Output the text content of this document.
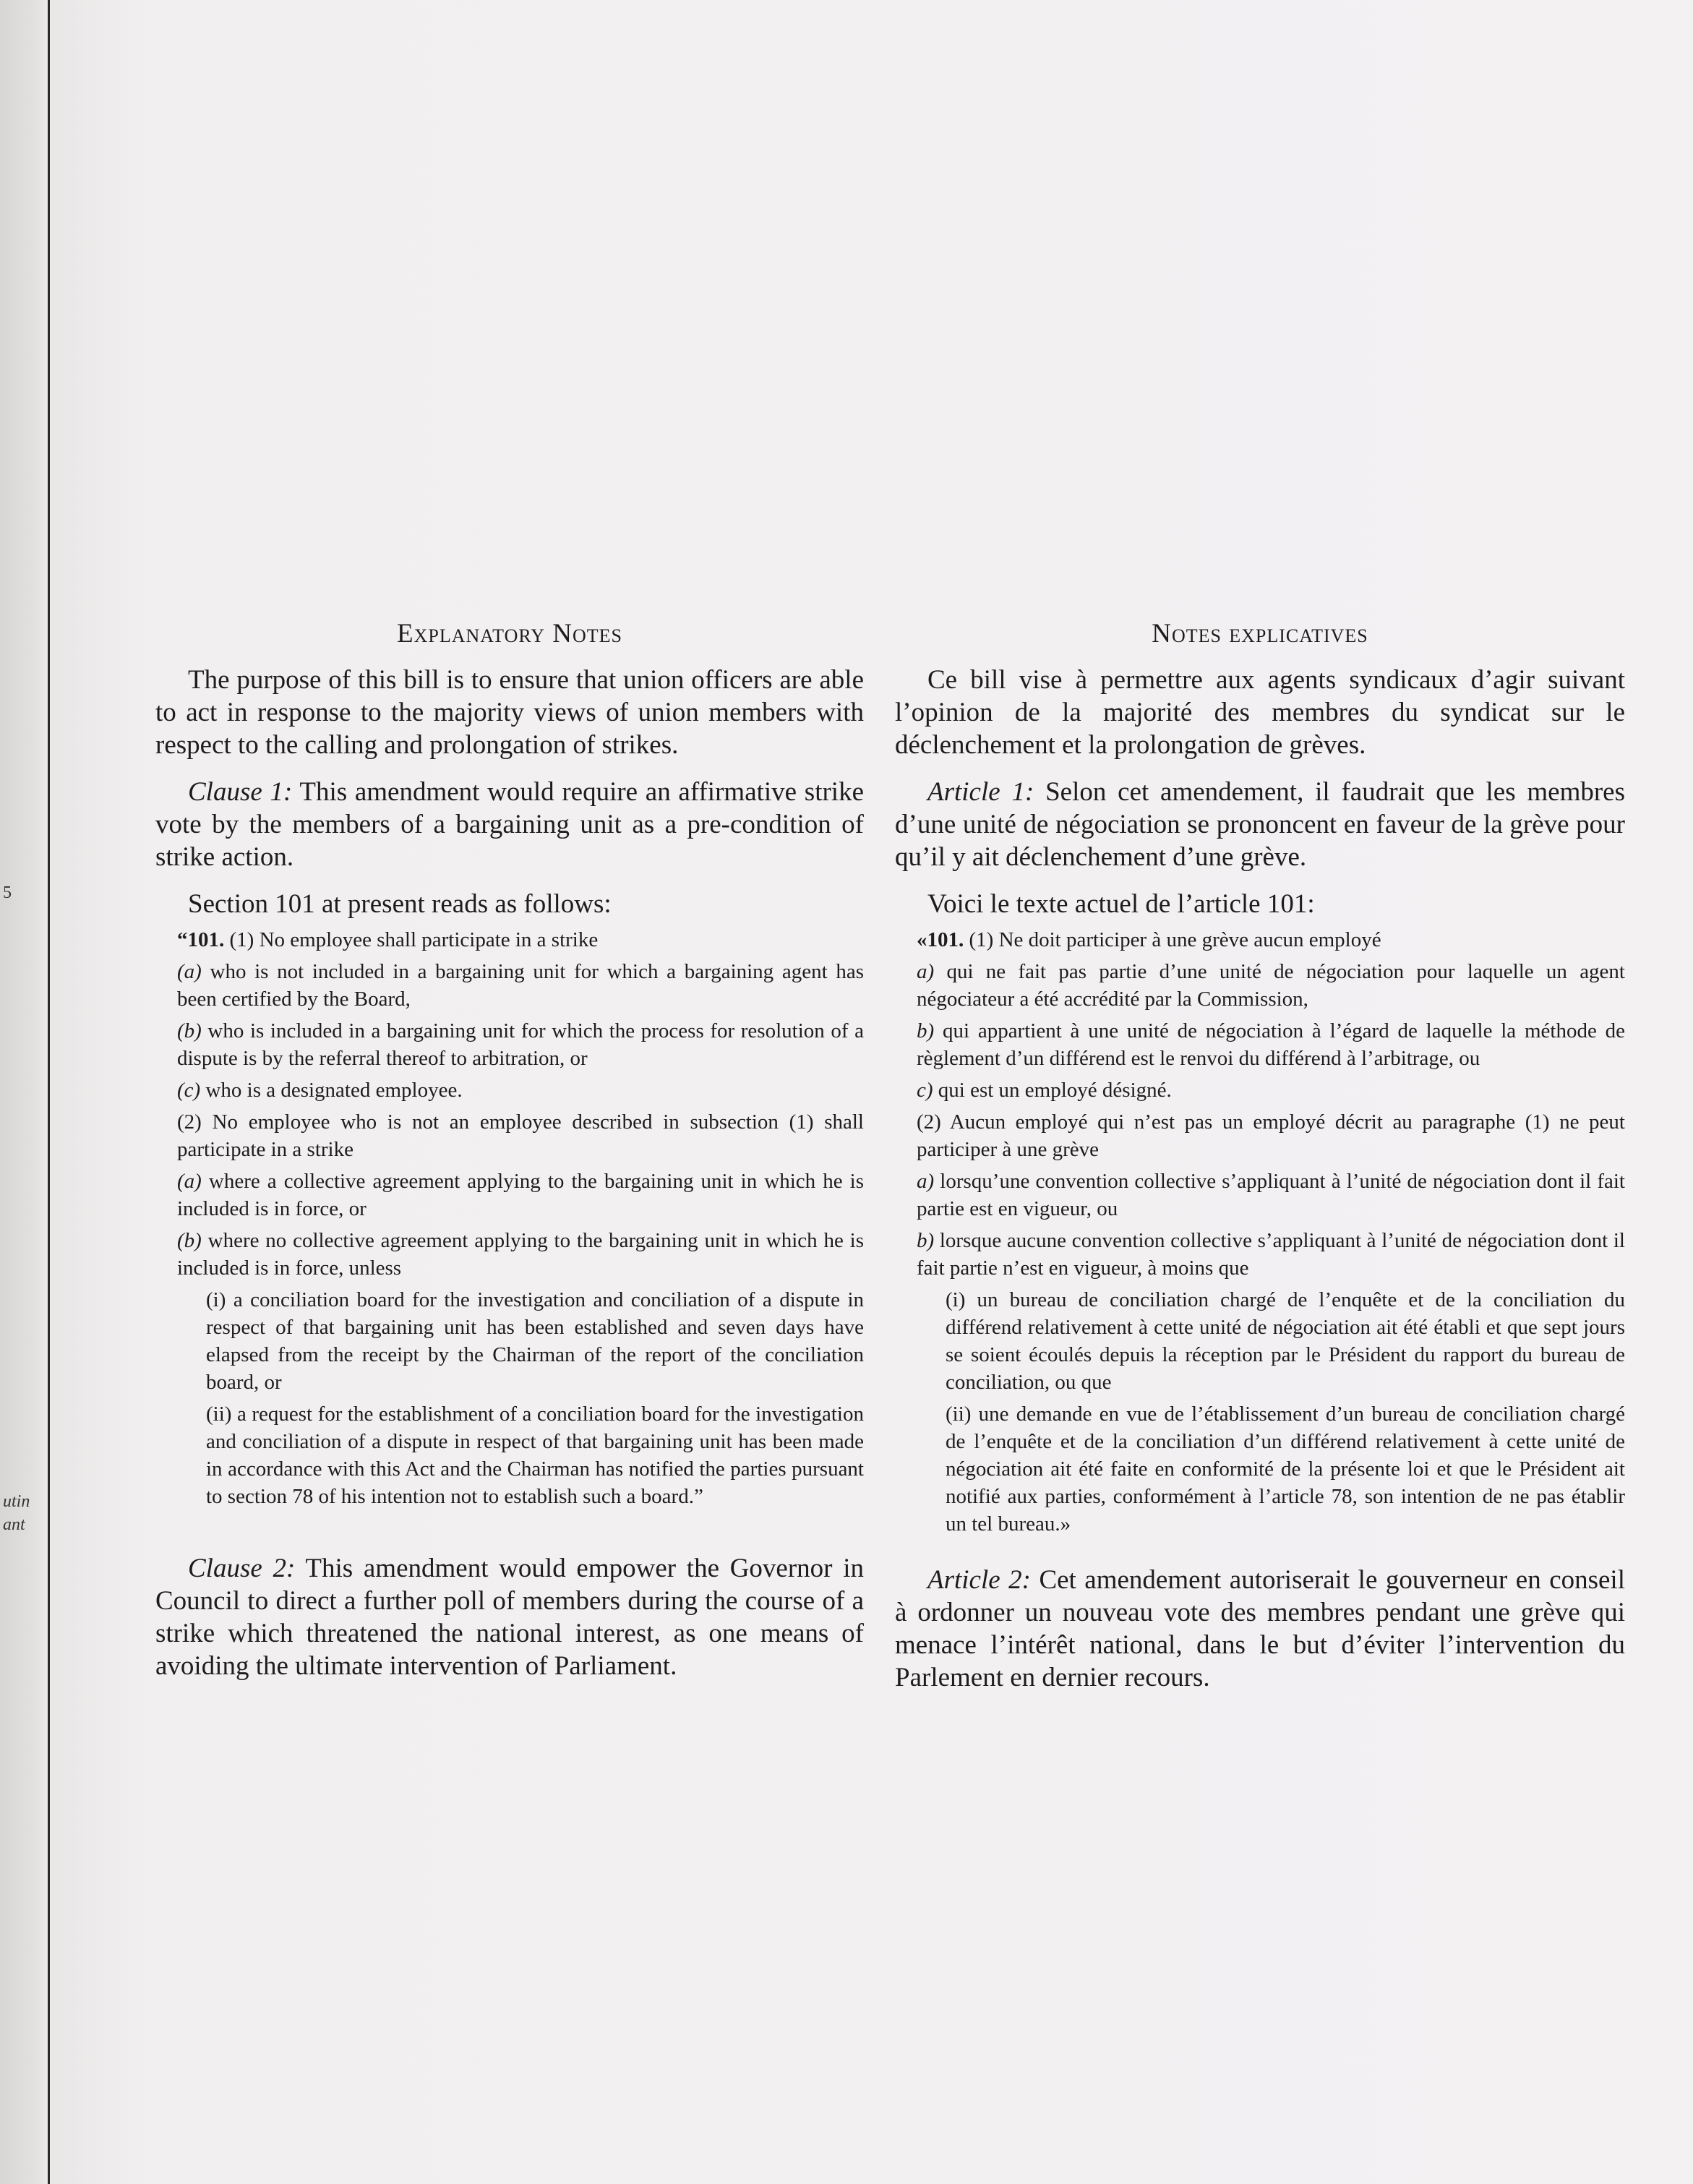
5
utin
ant
Explanatory Notes

The purpose of this bill is to ensure that union officers are able to act in response to the majority views of union members with respect to the calling and prolongation of strikes.

Clause 1: This amendment would require an affirmative strike vote by the members of a bargaining unit as a pre-condition of strike action.

Section 101 at present reads as follows:

“101. (1) No employee shall participate in a strike

(a) who is not included in a bargaining unit for which a bargaining agent has been certified by the Board,

(b) who is included in a bargaining unit for which the process for resolution of a dispute is by the referral thereof to arbitration, or

(c) who is a designated employee.

(2) No employee who is not an employee described in subsection (1) shall participate in a strike

(a) where a collective agreement applying to the bargaining unit in which he is included is in force, or

(b) where no collective agreement applying to the bargaining unit in which he is included is in force, unless

(i) a conciliation board for the investigation and conciliation of a dispute in respect of that bargaining unit has been established and seven days have elapsed from the receipt by the Chairman of the report of the conciliation board, or

(ii) a request for the establishment of a conciliation board for the investigation and conciliation of a dispute in respect of that bargaining unit has been made in accordance with this Act and the Chairman has notified the parties pursuant to section 78 of his intention not to establish such a board.”

Clause 2: This amendment would empower the Governor in Council to direct a further poll of members during the course of a strike which threatened the national interest, as one means of avoiding the ultimate intervention of Parliament.

Notes explicatives

Ce bill vise à permettre aux agents syndicaux d’agir suivant l’opinion de la majorité des membres du syndicat sur le déclenchement et la prolongation de grèves.

Article 1: Selon cet amendement, il faudrait que les membres d’une unité de négociation se prononcent en faveur de la grève pour qu’il y ait déclenchement d’une grève.

Voici le texte actuel de l’article 101:

«101. (1) Ne doit participer à une grève aucun employé

a) qui ne fait pas partie d’une unité de négociation pour laquelle un agent négociateur a été accrédité par la Commission,

b) qui appartient à une unité de négociation à l’égard de laquelle la méthode de règlement d’un différend est le renvoi du différend à l’arbitrage, ou

c) qui est un employé désigné.

(2) Aucun employé qui n’est pas un employé décrit au paragraphe (1) ne peut participer à une grève

a) lorsqu’une convention collective s’appliquant à l’unité de négociation dont il fait partie est en vigueur, ou

b) lorsque aucune convention collective s’appliquant à l’unité de négociation dont il fait partie n’est en vigueur, à moins que

(i) un bureau de conciliation chargé de l’enquête et de la conciliation du différend relativement à cette unité de négociation ait été établi et que sept jours se soient écoulés depuis la réception par le Président du rapport du bureau de conciliation, ou que

(ii) une demande en vue de l’établissement d’un bureau de conciliation chargé de l’enquête et de la conciliation d’un différend relativement à cette unité de négociation ait été faite en conformité de la présente loi et que le Président ait notifié aux parties, conformément à l’article 78, son intention de ne pas établir un tel bureau.»

Article 2: Cet amendement autoriserait le gouverneur en conseil à ordonner un nouveau vote des membres pendant une grève qui menace l’intérêt national, dans le but d’éviter l’intervention du Parlement en dernier recours.
